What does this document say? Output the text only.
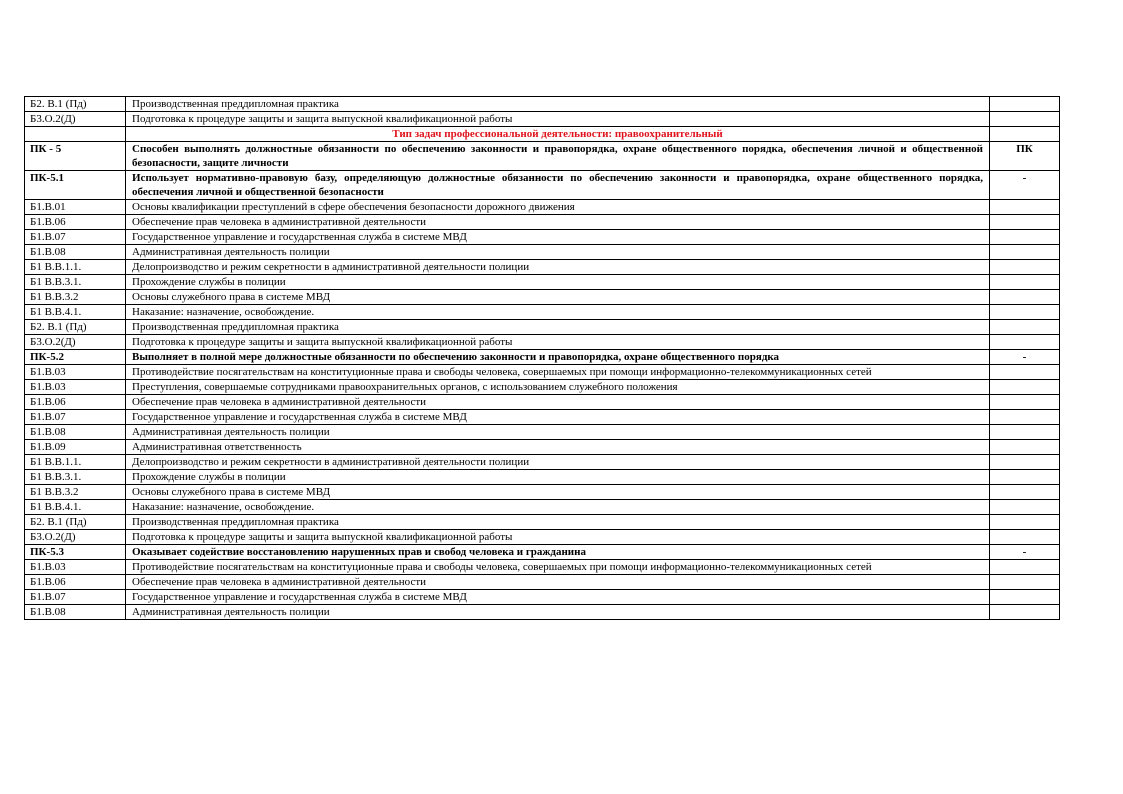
Б2. В.1 (Пд)	Производственная преддипломная практика	
Б3.О.2(Д)	Подготовка к процедуре защиты и защита выпускной квалификационной работы	
	Тип задач профессиональной деятельности: правоохранительный	
ПК - 5	Способен выполнять должностные обязанности по обеспечению законности и правопорядка, охране общественного порядка, обеспечения личной и общественной безопасности, защите личности	ПК
ПК-5.1	Использует нормативно-правовую базу, определяющую должностные обязанности по обеспечению законности и правопорядка, охране общественного порядка, обеспечения личной и общественной безопасности	-
Б1.В.01	Основы квалификации преступлений в сфере обеспечения безопасности дорожного движения	
Б1.В.06	Обеспечение прав человека в административной деятельности	
Б1.В.07	Государственное управление и государственная служба в системе МВД	
Б1.В.08	Административная деятельность полиции	
Б1 В.В.1.1.	Делопроизводство и режим секретности в административной деятельности полиции	
Б1 В.В.3.1.	Прохождение службы в полиции	
Б1 В.В.3.2	Основы служебного права в системе МВД	
Б1 В.В.4.1.	Наказание: назначение, освобождение.	
Б2. В.1 (Пд)	Производственная преддипломная практика	
Б3.О.2(Д)	Подготовка к процедуре защиты и защита выпускной квалификационной работы	
ПК-5.2	Выполняет в полной мере должностные обязанности по обеспечению законности и правопорядка, охране общественного порядка	-
Б1.В.03	Противодействие посягательствам на конституционные права и свободы человека, совершаемых при помощи информационно-телекоммуникационных сетей	
Б1.В.03	Преступления, совершаемые сотрудниками правоохранительных органов, с использованием служебного положения	
Б1.В.06	Обеспечение прав человека в административной деятельности	
Б1.В.07	Государственное управление и государственная служба в системе МВД	
Б1.В.08	Административная деятельность полиции	
Б1.В.09	Административная ответственность	
Б1 В.В.1.1.	Делопроизводство и режим секретности в административной деятельности полиции	
Б1 В.В.3.1.	Прохождение службы в полиции	
Б1 В.В.3.2	Основы служебного права в системе МВД	
Б1 В.В.4.1.	Наказание: назначение, освобождение.	
Б2. В.1 (Пд)	Производственная преддипломная практика	
Б3.О.2(Д)	Подготовка к процедуре защиты и защита выпускной квалификационной работы	
ПК-5.3	Оказывает содействие восстановлению нарушенных прав и свобод человека и гражданина	-
Б1.В.03	Противодействие посягательствам на конституционные права и свободы человека, совершаемых при помощи информационно-телекоммуникационных сетей	
Б1.В.06	Обеспечение прав человека в административной деятельности	
Б1.В.07	Государственное управление и государственная служба в системе МВД	
Б1.В.08	Административная деятельность полиции	
